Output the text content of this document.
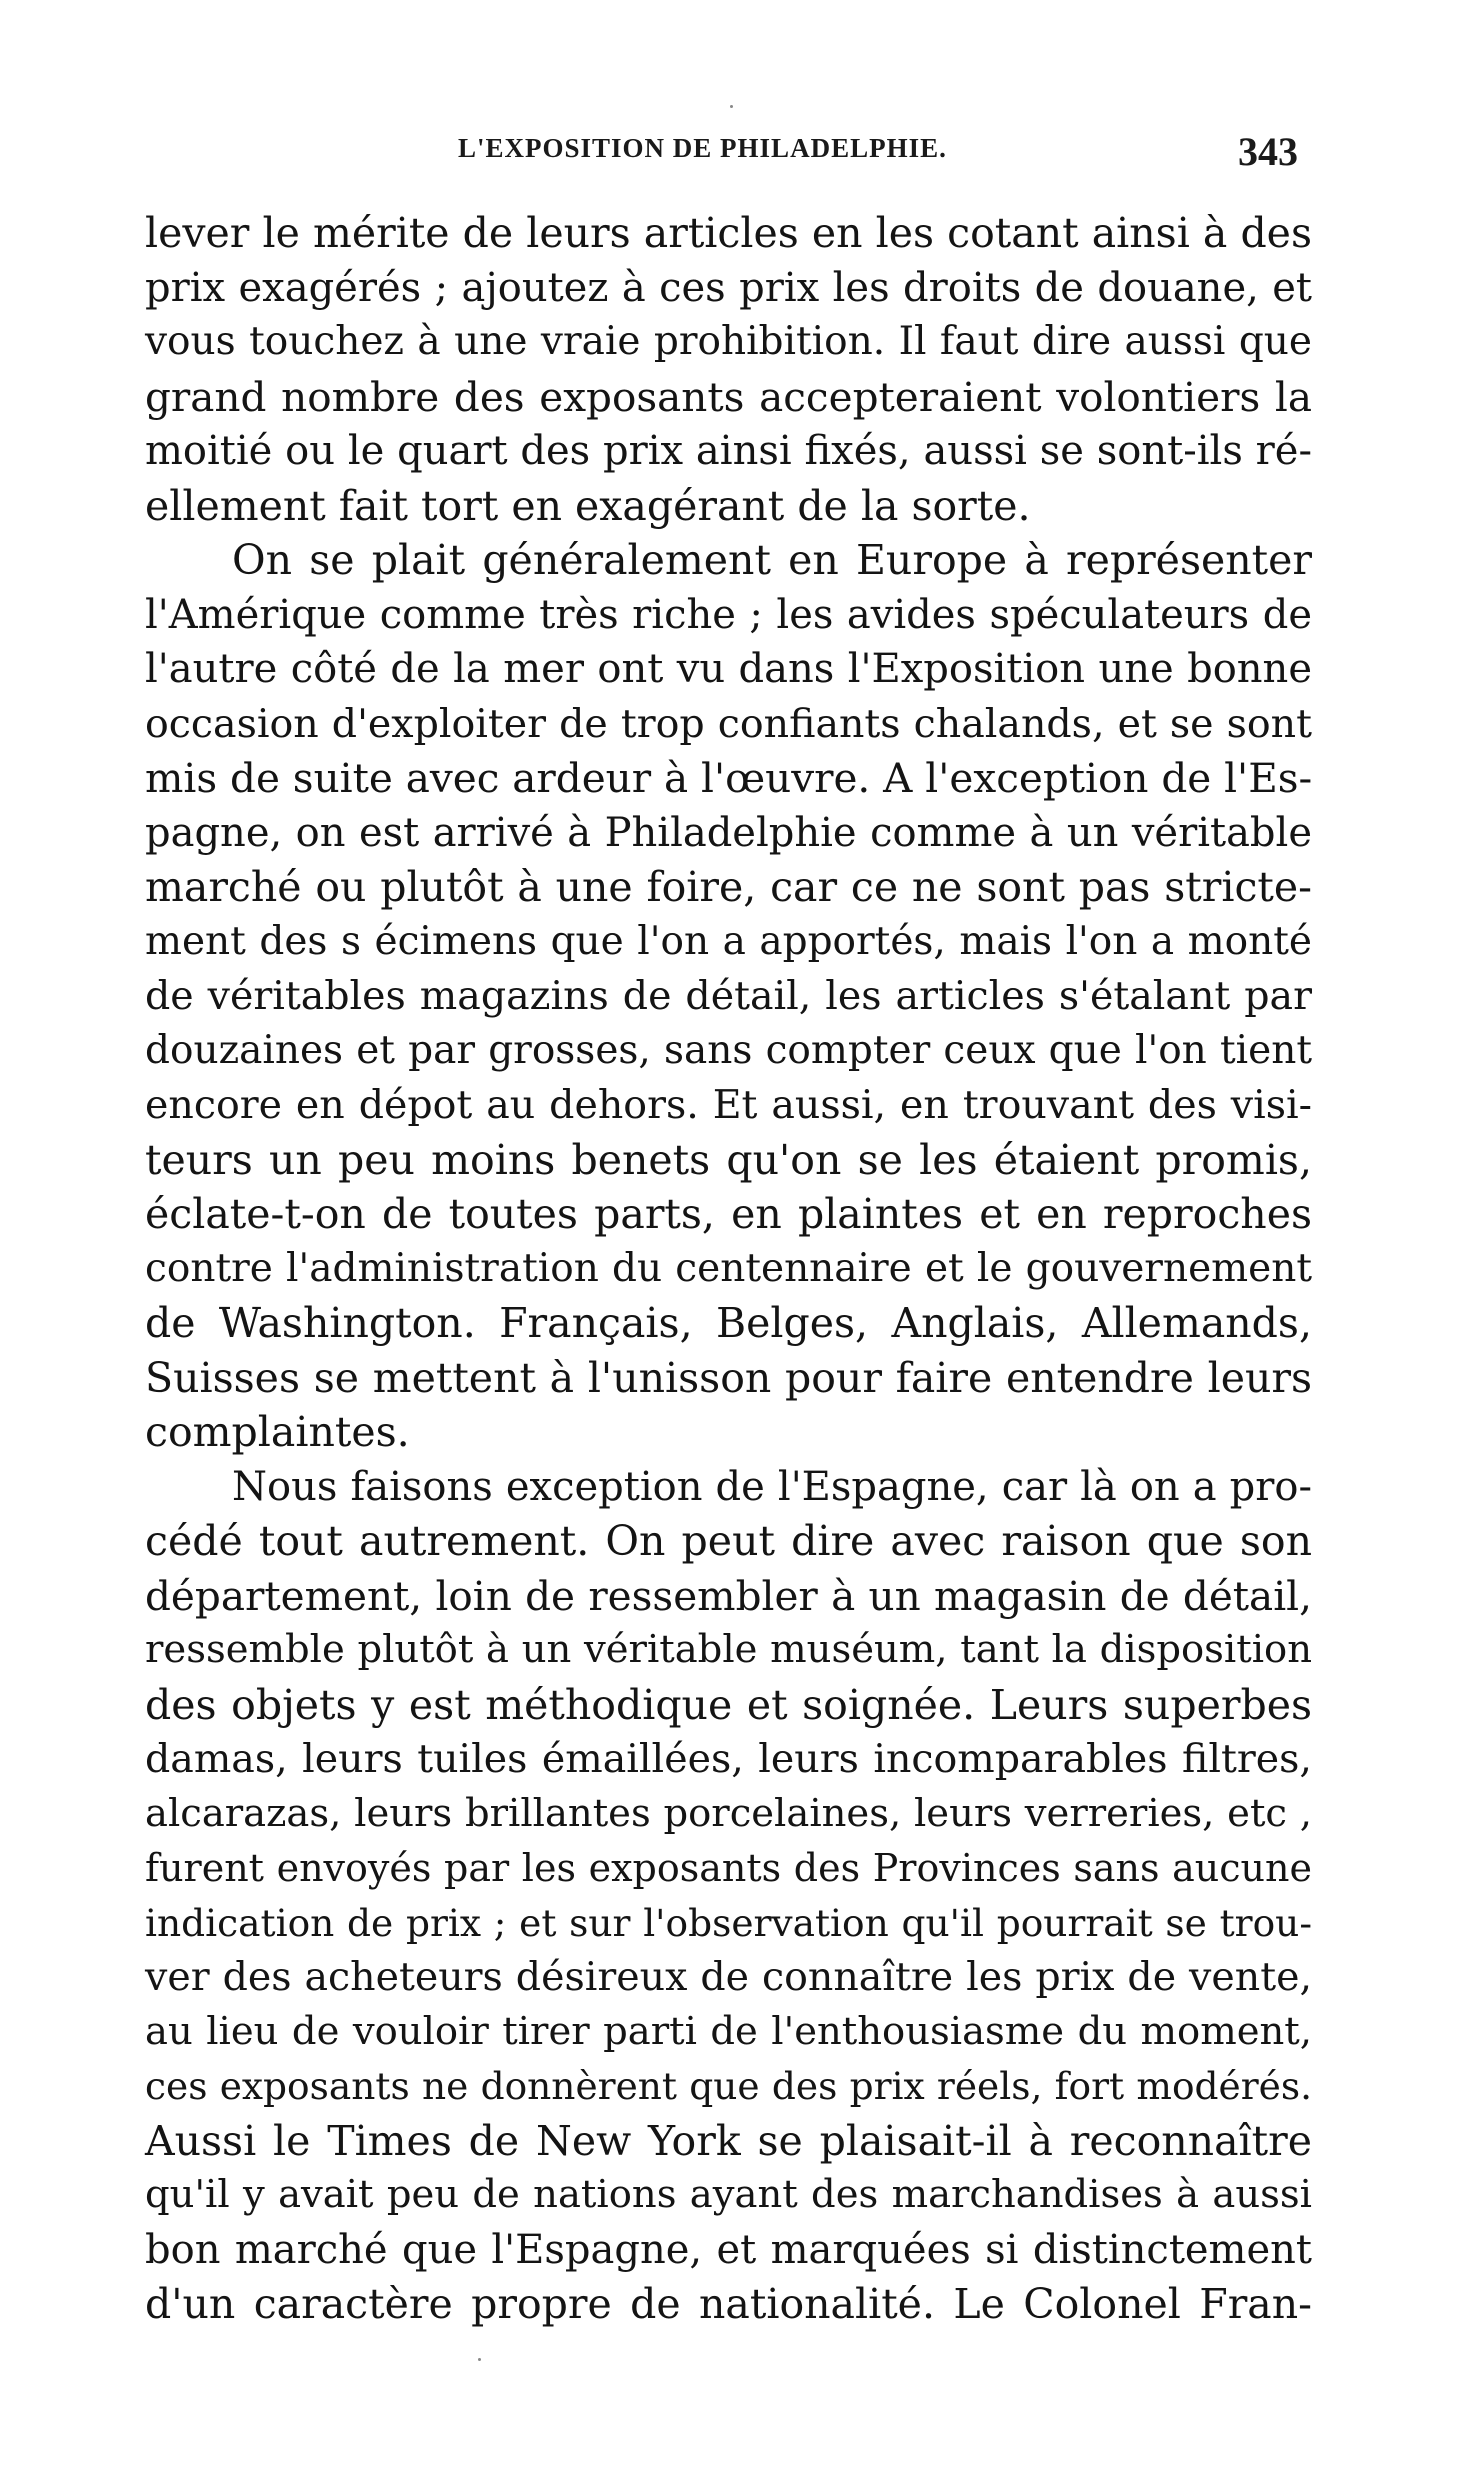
L'EXPOSITION DE PHILADELPHIE.	343
lever le mérite de leurs articles en les cotant ainsi à des
prix exagérés ; ajoutez à ces prix les droits de douane, et
vous touchez à une vraie prohibition. Il faut dire aussi que
grand nombre des exposants accepteraient volontiers la
moitié ou le quart des prix ainsi fixés, aussi se sont-ils ré-
ellement fait tort en exagérant de la sorte.
On se plait généralement en Europe à représenter
l'Amérique comme très riche ; les avides spéculateurs de
l'autre côté de la mer ont vu dans l'Exposition une bonne
occasion d'exploiter de trop confiants chalands, et se sont
mis de suite avec ardeur à l'œuvre. A l'exception de l'Es-
pagne, on est arrivé à Philadelphie comme à un véritable
marché ou plutôt à une foire, car ce ne sont pas stricte-
ment des s écimens que l'on a apportés, mais l'on a monté
de véritables magazins de détail, les articles s'étalant par
douzaines et par grosses, sans compter ceux que l'on tient
encore en dépot au dehors. Et aussi, en trouvant des visi-
teurs un peu moins benets qu'on se les étaient promis,
éclate-t-on de toutes parts, en plaintes et en reproches
contre l'administration du centennaire et le gouvernement
de Washington. Français, Belges, Anglais, Allemands,
Suisses se mettent à l'unisson pour faire entendre leurs
complaintes.
Nous faisons exception de l'Espagne, car là on a pro-
cédé tout autrement. On peut dire avec raison que son
département, loin de ressembler à un magasin de détail,
ressemble plutôt à un véritable muséum, tant la disposition
des objets y est méthodique et soignée. Leurs superbes
damas, leurs tuiles émaillées, leurs incomparables filtres,
alcarazas, leurs brillantes porcelaines, leurs verreries, etc ,
furent envoyés par les exposants des Provinces sans aucune
indication de prix ; et sur l'observation qu'il pourrait se trou-
ver des acheteurs désireux de connaître les prix de vente,
au lieu de vouloir tirer parti de l'enthousiasme du moment,
ces exposants ne donnèrent que des prix réels, fort modérés.
Aussi le Times de New York se plaisait-il à reconnaître
qu'il y avait peu de nations ayant des marchandises à aussi
bon marché que l'Espagne, et marquées si distinctement
d'un caractère propre de nationalité. Le Colonel Fran-
